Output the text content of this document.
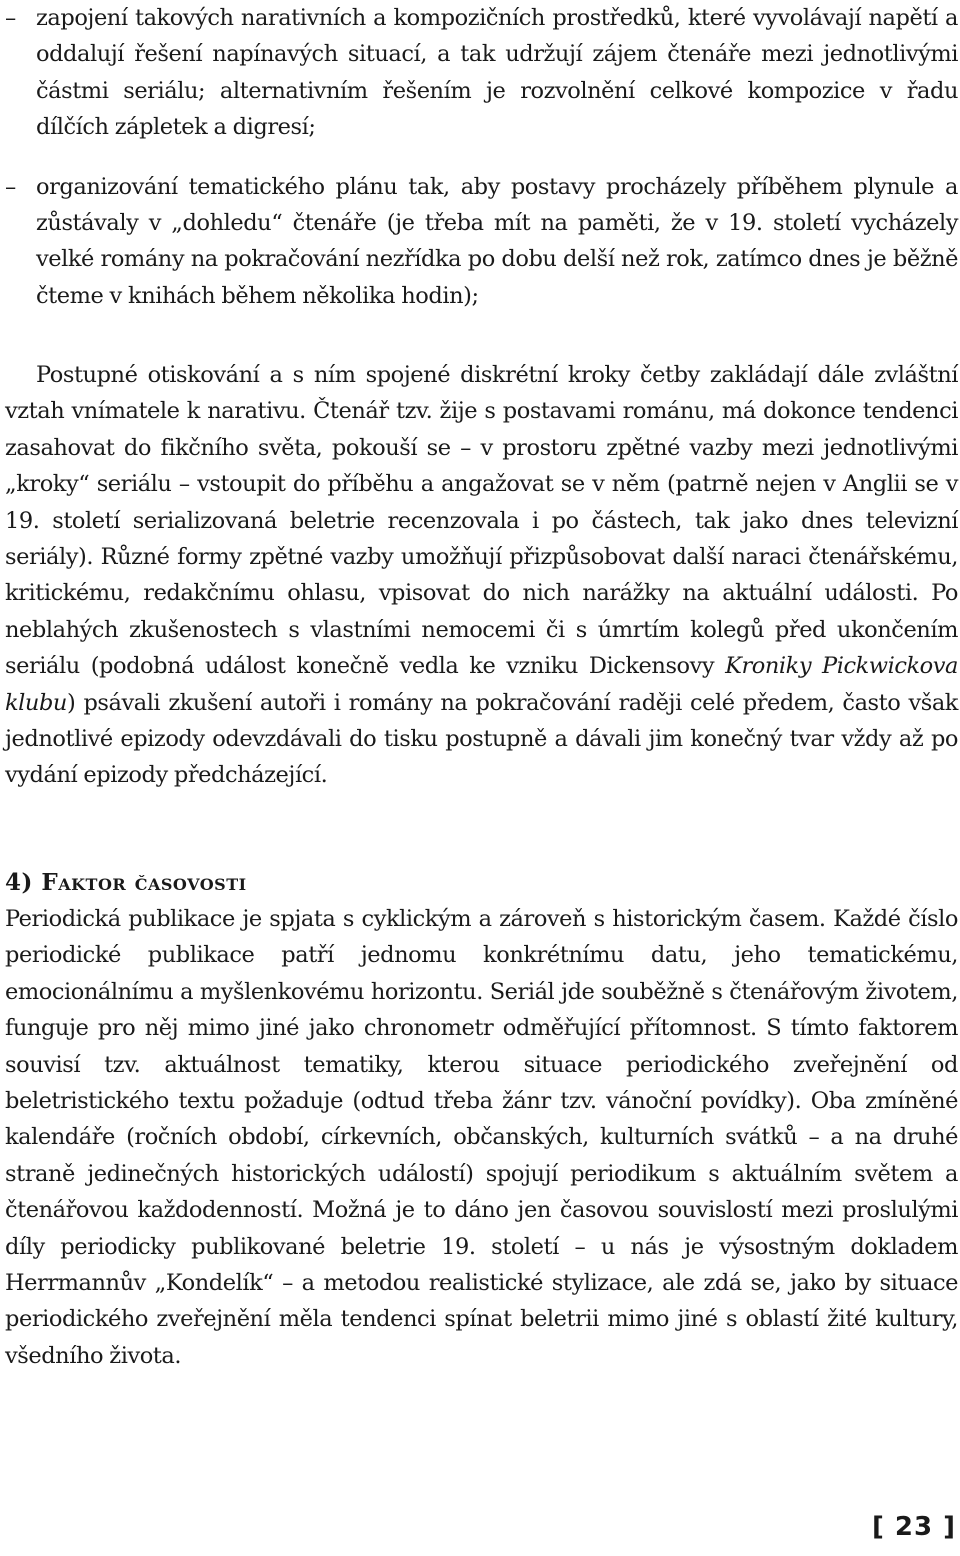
– zapojení takových narativních a kompozičních prostředků, které vyvolávají napětí a oddalují řešení napínavých situací, a tak udržují zájem čtenáře mezi jednotlivými částmi seriálu; alternativním řešením je rozvolnění celkové kompozice v řadu dílčích zápletek a digresí;
– organizování tematického plánu tak, aby postavy procházely příběhem plynule a zůstávaly v „dohledu“ čtenáře (je třeba mít na paměti, že v 19. století vycházely velké romány na pokračování nezřídka po dobu delší než rok, zatímco dnes je běžně čteme v knihách během několika hodin);

Postupné otiskování a s ním spojené diskrétní kroky četby zakládají dále zvláštní vztah vnímatele k narativu. Čtenář tzv. žije s postavami románu, má dokonce tendenci zasahovat do fikčního světa, pokouší se – v prostoru zpětné vazby mezi jednotlivými „kroky“ seriálu – vstoupit do příběhu a angažovat se v něm (patrně nejen v Anglii se v 19. století serializovaná beletrie recenzovala i po částech, tak jako dnes televizní seriály). Různé formy zpětné vazby umožňují přizpůsobovat další naraci čtenářskému, kritickému, redakčnímu ohlasu, vpisovat do nich narážky na aktuální události. Po neblahých zkušenostech s vlastními nemocemi či s úmrtím kolegů před ukončením seriálu (podobná událost konečně vedla ke vzniku Dickensovy Kroniky Pickwickova klubu) psávali zkušení autoři i romány na pokračování raději celé předem, často však jednotlivé epizody odevzdávali do tisku postupně a dávali jim konečný tvar vždy až po vydání epizody předcházející.

4) Faktor časovosti

Periodická publikace je spjata s cyklickým a zároveň s historickým časem. Každé číslo periodické publikace patří jednomu konkrétnímu datu, jeho tematickému, emocionálnímu a myšlenkovému horizontu. Seriál jde souběžně s čtenářovým životem, funguje pro něj mimo jiné jako chronometr odměřující přítomnost. S tímto faktorem souvisí tzv. aktuálnost tematiky, kterou situace periodického zveřejnění od beletristického textu požaduje (odtud třeba žánr tzv. vánoční povídky). Oba zmíněné kalendáře (ročních období, církevních, občanských, kulturních svátků – a na druhé straně jedinečných historických událostí) spojují periodikum s aktuálním světem a čtenářovou každodenností. Možná je to dáno jen časovou souvislostí mezi proslulými díly periodicky publikované beletrie 19. století – u nás je výsostným dokladem Herrmannův „Kondelík“ – a metodou realistické stylizace, ale zdá se, jako by situace periodického zveřejnění měla tendenci spínat beletrii mimo jiné s oblastí žité kultury, všedního života.

[ 23 ]
